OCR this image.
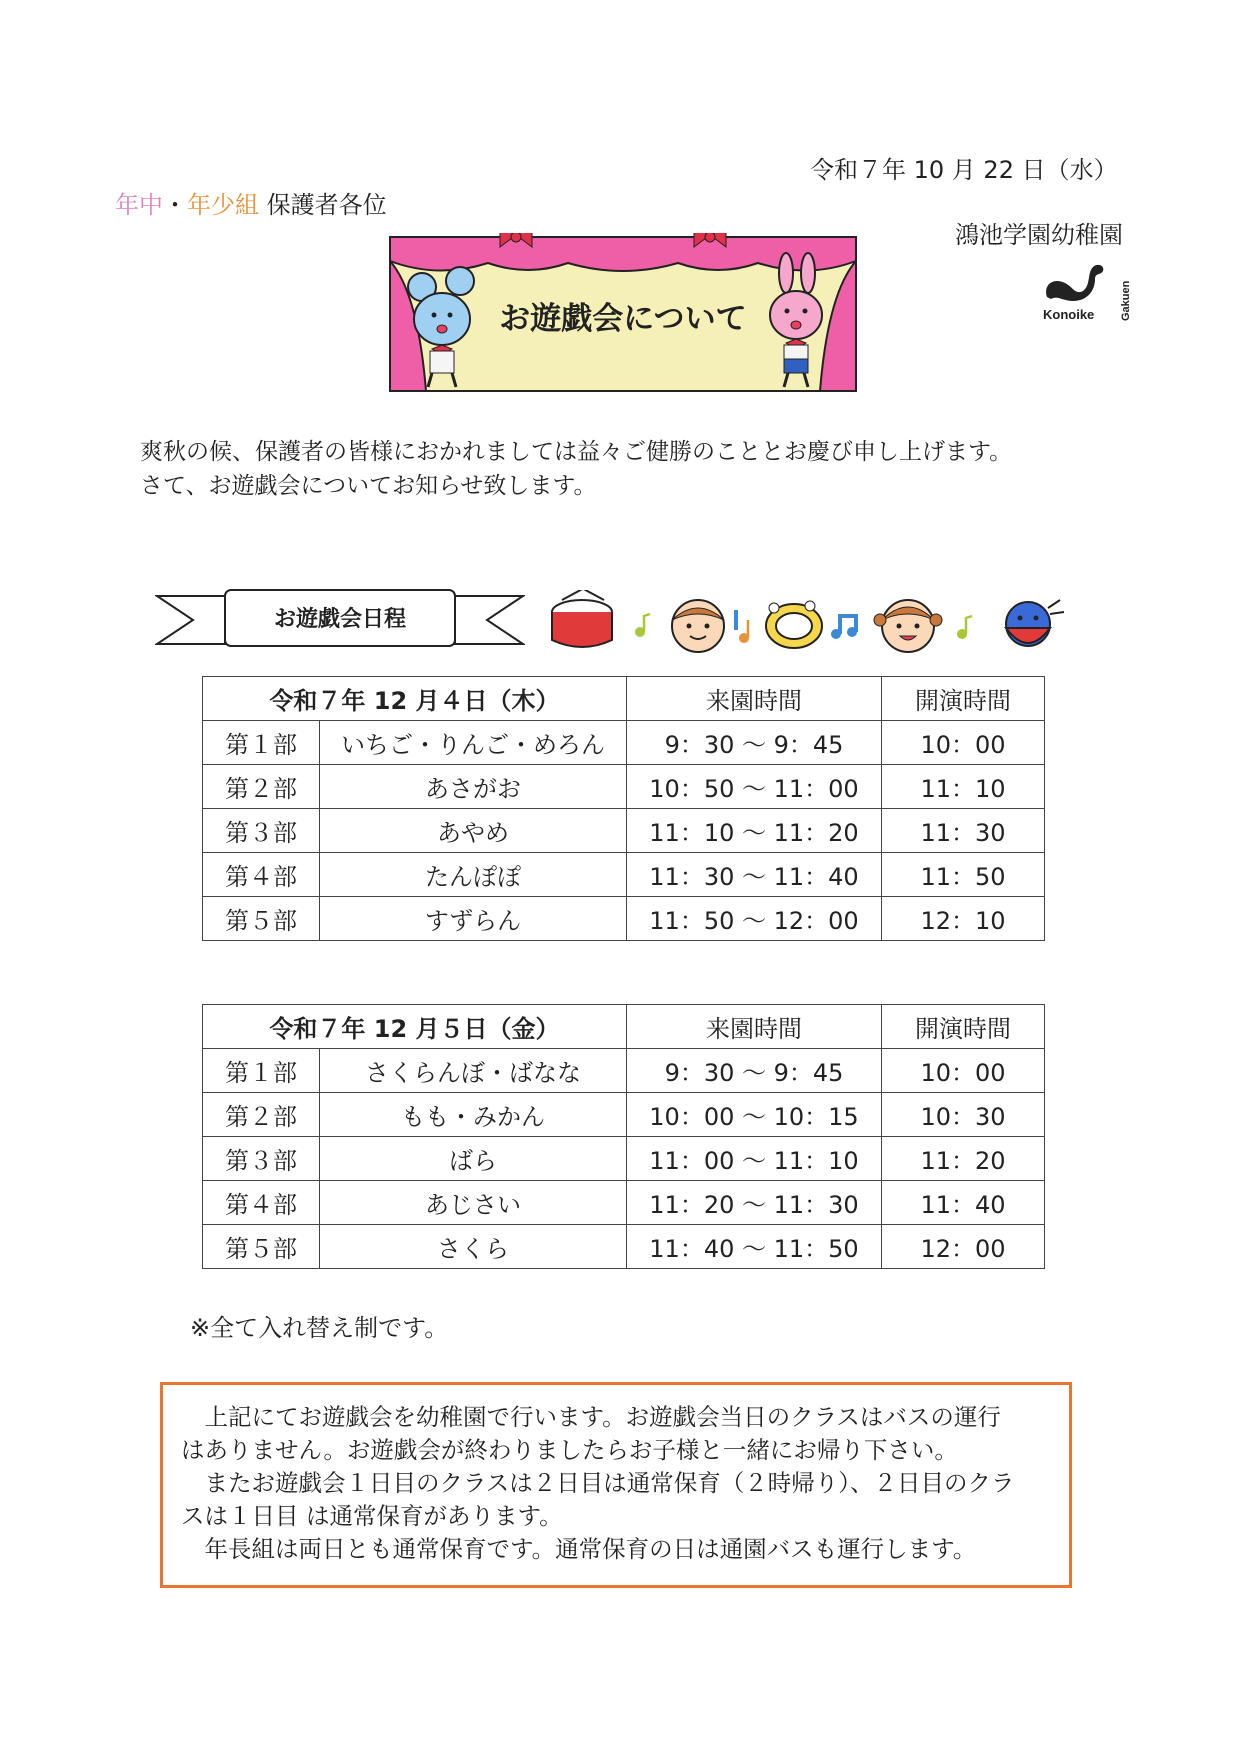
令和７年 10 月 22 日（水）
年中・年少組 保護者各位
鴻池学園幼稚園
Konoike Gakuen
お遊戯会について
爽秋の候、保護者の皆様におかれましては益々ご健勝のこととお慶び申し上げます。
さて、お遊戯会についてお知らせ致します。
お遊戯会日程
令和７年 12 月４日（木）		来園時間	開演時間
第１部	いちご・りんご・めろん	9：30 ～ 9：45	10：00
第２部	あさがお	10：50 ～ 11：00	11：10
第３部	あやめ	11：10 ～ 11：20	11：30
第４部	たんぽぽ	11：30 ～ 11：40	11：50
第５部	すずらん	11：50 ～ 12：00	12：10
令和７年 12 月５日（金）		来園時間	開演時間
第１部	さくらんぼ・ばなな	9：30 ～ 9：45	10：00
第２部	もも・みかん	10：00 ～ 10：15	10：30
第３部	ばら	11：00 ～ 11：10	11：20
第４部	あじさい	11：20 ～ 11：30	11：40
第５部	さくら	11：40 ～ 11：50	12：00
※全て入れ替え制です。
　上記にてお遊戯会を幼稚園で行います。お遊戯会当日のクラスはバスの運行
はありません。お遊戯会が終わりましたらお子様と一緒にお帰り下さい。
　またお遊戯会１日目のクラスは２日目は通常保育（２時帰り）、２日目のクラ
スは１日目 は通常保育があります。
　年長組は両日とも通常保育です。通常保育の日は通園バスも運行します。
